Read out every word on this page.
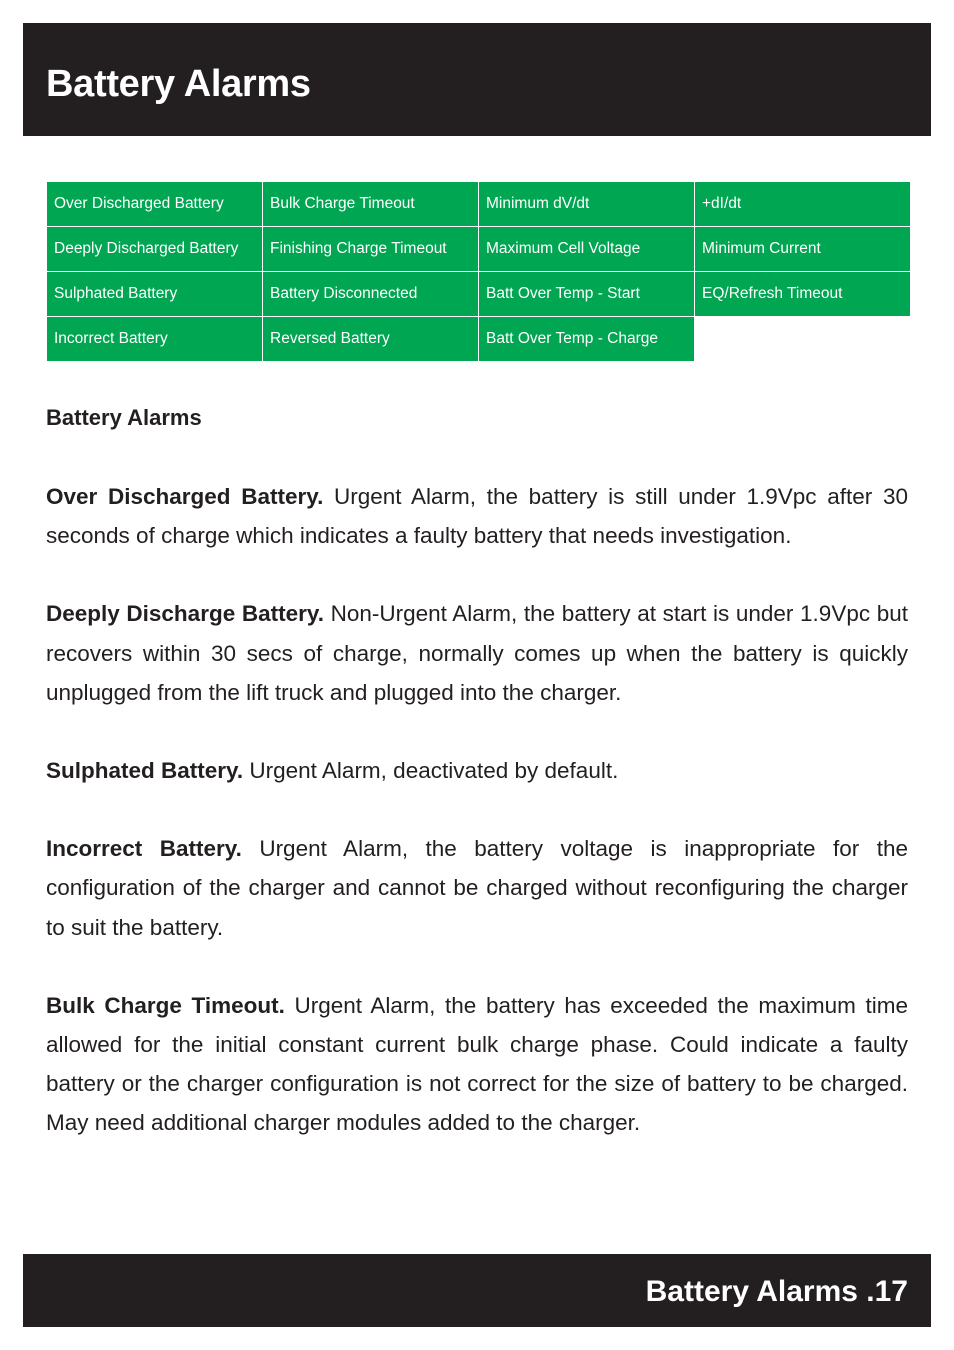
Battery Alarms
Over Discharged Battery	Bulk Charge Timeout	Minimum dV/dt	+dI/dt
Deeply Discharged Battery	Finishing Charge Timeout	Maximum Cell Voltage	Minimum Current
Sulphated Battery	Battery Disconnected	Batt Over Temp - Start	EQ/Refresh Timeout
Incorrect Battery	Reversed Battery	Batt Over Temp - Charge
Battery Alarms

Over Discharged Battery. Urgent Alarm, the battery is still under 1.9Vpc after 30 seconds of charge which indicates a faulty battery that needs investigation.

Deeply Discharge Battery. Non-Urgent Alarm, the battery at start is under 1.9Vpc but recovers within 30 secs of charge, normally comes up when the battery is quickly unplugged from the lift truck and plugged into the charger.

Sulphated Battery. Urgent Alarm, deactivated by default.

Incorrect Battery. Urgent Alarm, the battery voltage is inappropriate for the configuration of the charger and cannot be charged without reconfiguring the charger to suit the battery.

Bulk Charge Timeout. Urgent Alarm, the battery has exceeded the maximum time allowed for the initial constant current bulk charge phase. Could indicate a faulty battery or the charger configuration is not correct for the size of battery to be charged. May need additional charger modules added to the charger.

Battery Alarms .17
